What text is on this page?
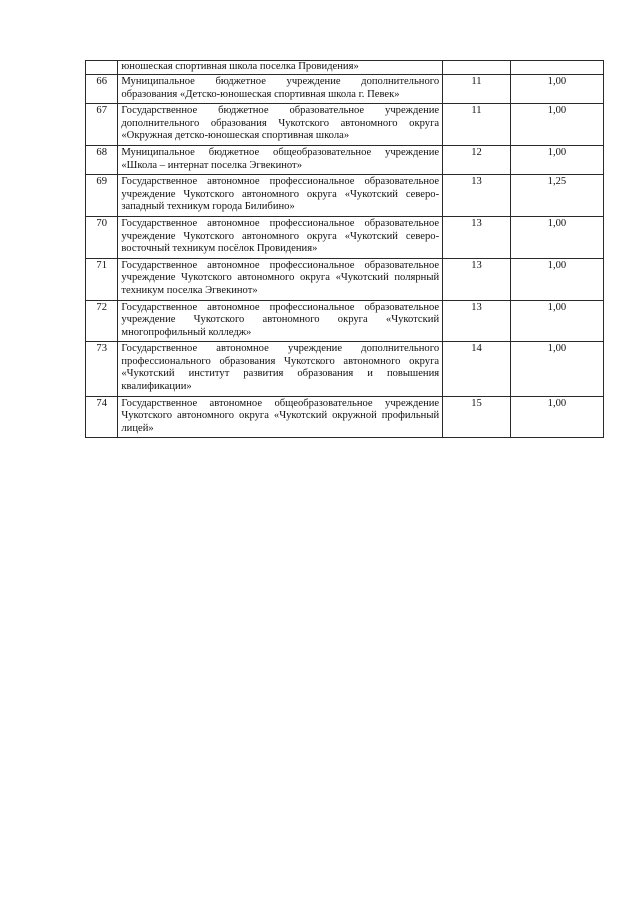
	юношеская спортивная школа поселка Провидения»		
66	Муниципальное бюджетное учреждение дополнительного образования «Детско-юношеская спортивная школа г. Певек»	11	1,00
67	Государственное бюджетное образовательное учреждение дополнительного образования Чукотского автономного округа «Окружная детско-юношеская спортивная школа»	11	1,00
68	Муниципальное бюджетное общеобразовательное учреждение «Школа – интернат поселка Эгвекинот»	12	1,00
69	Государственное автономное профессиональное образовательное учреждение Чукотского автономного округа «Чукотский северо-западный техникум города Билибино»	13	1,25
70	Государственное автономное профессиональное образовательное учреждение Чукотского автономного округа «Чукотский северо-восточный техникум посёлок Провидения»	13	1,00
71	Государственное автономное профессиональное образовательное учреждение Чукотского автономного округа «Чукотский полярный техникум поселка Эгвекинот»	13	1,00
72	Государственное автономное профессиональное образовательное учреждение Чукотского автономного округа «Чукотский многопрофильный колледж»	13	1,00
73	Государственное автономное учреждение дополнительного профессионального образования Чукотского автономного округа «Чукотский институт развития образования и повышения квалификации»	14	1,00
74	Государственное автономное общеобразовательное учреждение Чукотского автономного округа «Чукотский окружной профильный лицей»	15	1,00
